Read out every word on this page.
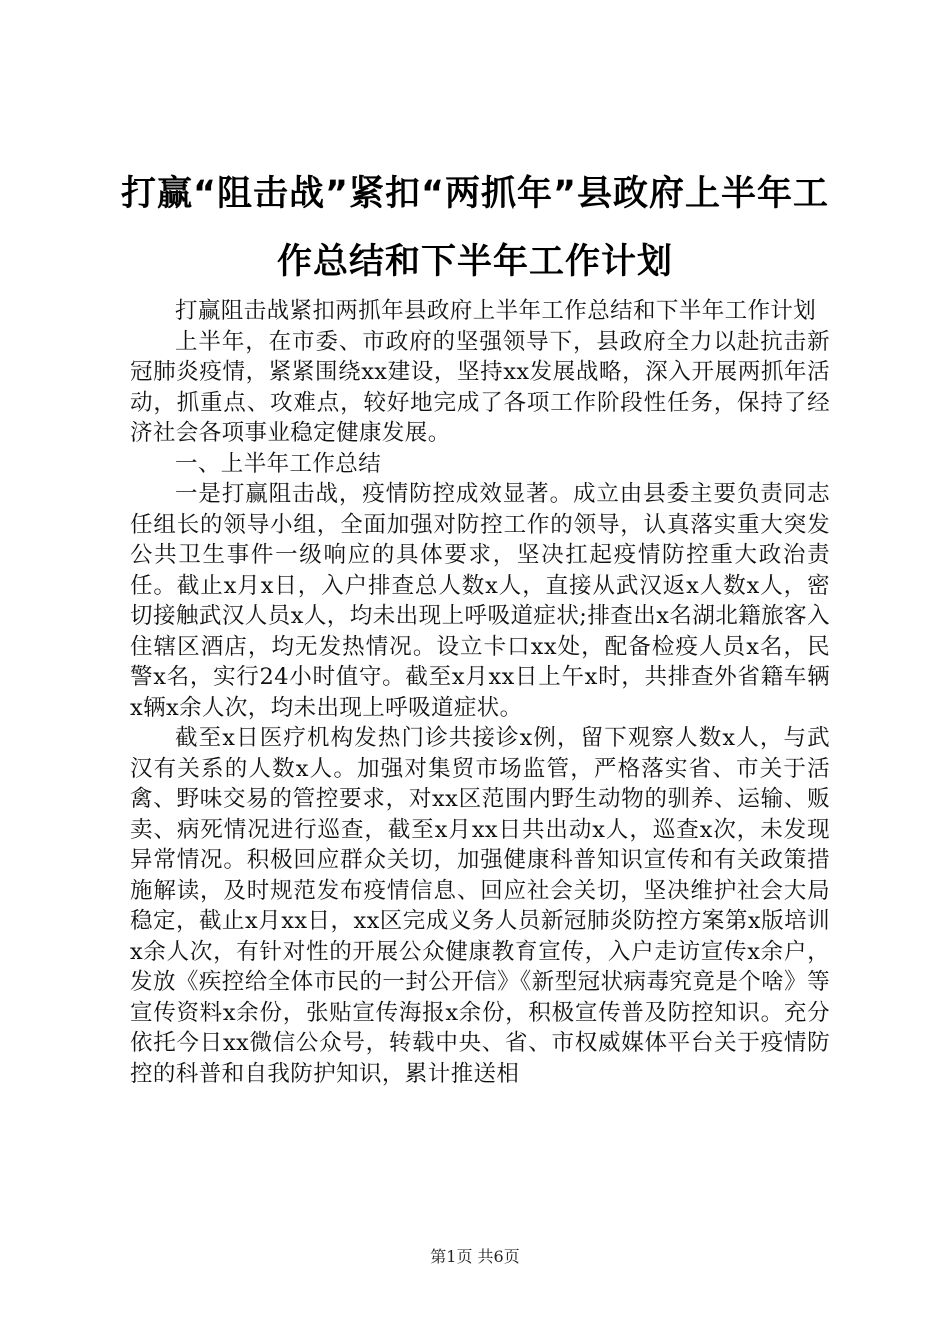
打赢“阻击战”紧扣“两抓年”县政府上半年工作总结和下半年工作计划

打赢阻击战紧扣两抓年县政府上半年工作总结和下半年工作计划

上半年，在市委、市政府的坚强领导下，县政府全力以赴抗击新冠肺炎疫情，紧紧围绕xx建设，坚持xx发展战略，深入开展两抓年活动，抓重点、攻难点，较好地完成了各项工作阶段性任务，保持了经济社会各项事业稳定健康发展。

一、上半年工作总结

一是打赢阻击战，疫情防控成效显著。成立由县委主要负责同志任组长的领导小组，全面加强对防控工作的领导，认真落实重大突发公共卫生事件一级响应的具体要求，坚决扛起疫情防控重大政治责任。截止x月x日，入户排查总人数x人，直接从武汉返x人数x人，密切接触武汉人员x人，均未出现上呼吸道症状;排查出x名湖北籍旅客入住辖区酒店，均无发热情况。设立卡口xx处，配备检疫人员x名，民警x名，实行24小时值守。截至x月xx日上午x时，共排查外省籍车辆x辆x余人次，均未出现上呼吸道症状。

截至x日医疗机构发热门诊共接诊x例，留下观察人数x人，与武汉有关系的人数x人。加强对集贸市场监管，严格落实省、市关于活禽、野味交易的管控要求，对xx区范围内野生动物的驯养、运输、贩卖、病死情况进行巡查，截至x月xx日共出动x人，巡查x次，未发现异常情况。积极回应群众关切，加强健康科普知识宣传和有关政策措施解读，及时规范发布疫情信息、回应社会关切，坚决维护社会大局稳定，截止x月xx日，xx区完成义务人员新冠肺炎防控方案第x版培训x余人次，有针对性的开展公众健康教育宣传，入户走访宣传x余户，发放《疾控给全体市民的一封公开信》《新型冠状病毒究竟是个啥》等宣传资料x余份，张贴宣传海报x余份，积极宣传普及防控知识。充分依托今日xx微信公众号，转载中央、省、市权威媒体平台关于疫情防控的科普和自我防护知识，累计推送相

第1页 共6页
